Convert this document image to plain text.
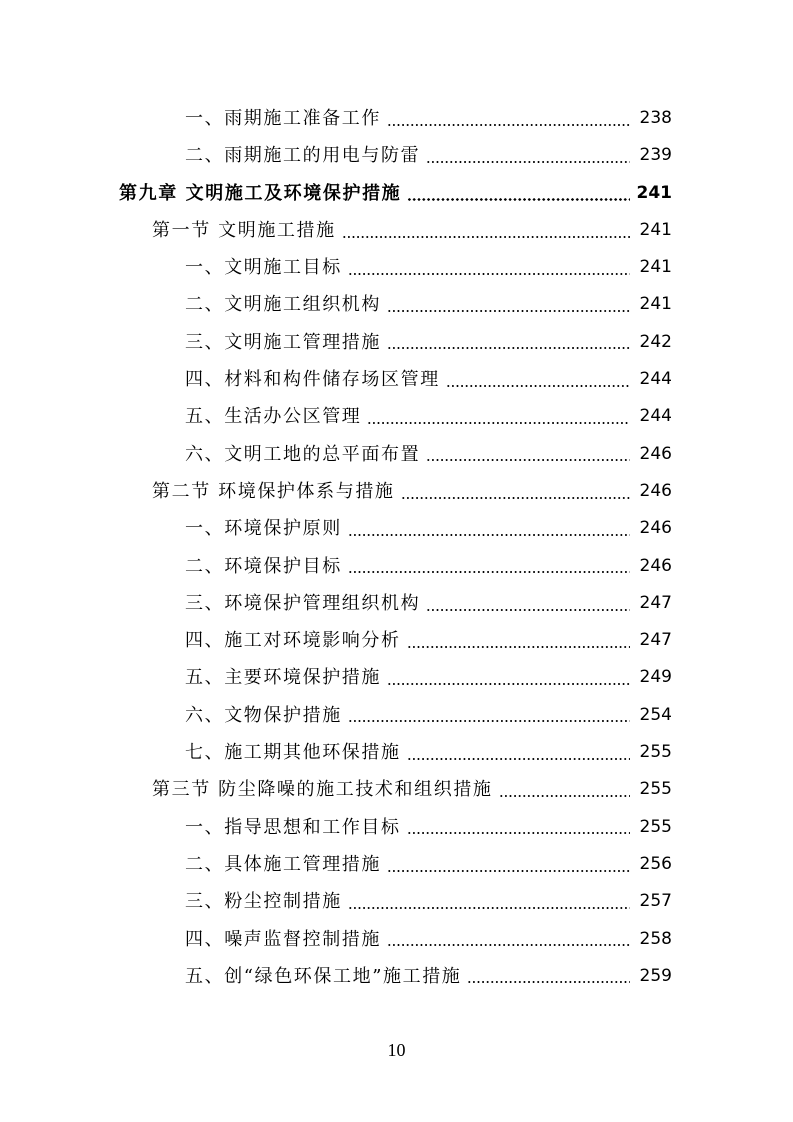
一、雨期施工准备工作	238
二、雨期施工的用电与防雷	239
第九章 文明施工及环境保护措施	241
第一节 文明施工措施	241
一、文明施工目标	241
二、文明施工组织机构	241
三、文明施工管理措施	242
四、材料和构件储存场区管理	244
五、生活办公区管理	244
六、文明工地的总平面布置	246
第二节 环境保护体系与措施	246
一、环境保护原则	246
二、环境保护目标	246
三、环境保护管理组织机构	247
四、施工对环境影响分析	247
五、主要环境保护措施	249
六、文物保护措施	254
七、施工期其他环保措施	255
第三节 防尘降噪的施工技术和组织措施	255
一、指导思想和工作目标	255
二、具体施工管理措施	256
三、粉尘控制措施	257
四、噪声监督控制措施	258
五、创“绿色环保工地”施工措施	259
10
